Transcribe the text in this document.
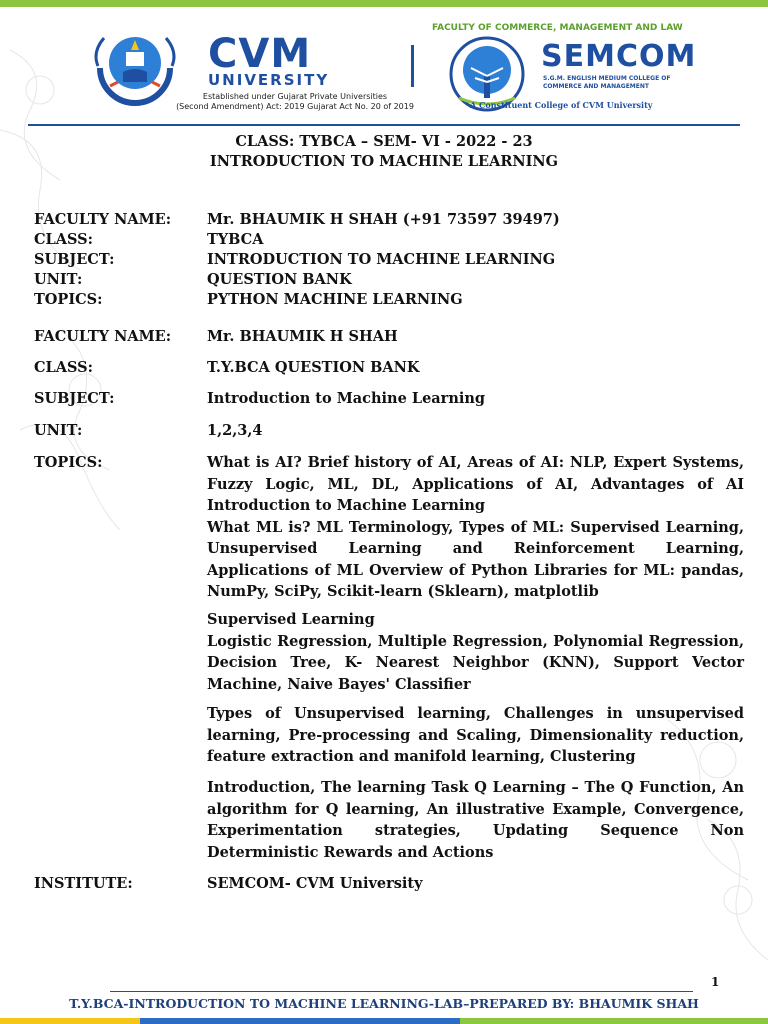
CVM
UNIVERSITY
Established under Gujarat Private Universities
(Second Amendment) Act: 2019 Gujarat Act No. 20 of 2019
FACULTY OF COMMERCE, MANAGEMENT AND LAW
SEMCOM
S.G.M. ENGLISH MEDIUM COLLEGE OF
COMMERCE AND MANAGEMENT
A Constituent College of CVM University
CLASS: TYBCA – SEM- VI - 2022 - 23
INTRODUCTION TO MACHINE LEARNING
FACULTY NAME:	Mr. BHAUMIK H SHAH (+91 73597 39497)
CLASS:	TYBCA
SUBJECT:	INTRODUCTION TO MACHINE LEARNING
UNIT:	QUESTION BANK
TOPICS:	PYTHON MACHINE LEARNING
FACULTY NAME:	Mr. BHAUMIK H SHAH
CLASS:	T.Y.BCA QUESTION BANK
SUBJECT:	Introduction to Machine Learning
UNIT:	1,2,3,4
TOPICS:	What is AI? Brief history of AI, Areas of AI: NLP, Expert Systems, Fuzzy Logic, ML, DL, Applications of AI, Advantages of AI Introduction to Machine Learning

What ML is? ML Terminology, Types of ML: Supervised Learning, Unsupervised Learning and Reinforcement Learning, Applications of ML Overview of Python Libraries for ML: pandas, NumPy, SciPy, Scikit-learn (Sklearn), matplotlib

Supervised Learning

Logistic Regression, Multiple Regression, Polynomial Regression, Decision Tree, K- Nearest Neighbor (KNN), Support Vector Machine, Naive Bayes' Classifier

Types of Unsupervised learning, Challenges in unsupervised learning, Pre-processing and Scaling, Dimensionality reduction, feature extraction and manifold learning, Clustering

Introduction, The learning Task Q Learning – The Q Function, An algorithm for Q learning, An illustrative Example, Convergence, Experimentation strategies, Updating Sequence Non Deterministic Rewards and Actions

INSTITUTE:	SEMCOM- CVM University
1
T.Y.BCA-INTRODUCTION TO MACHINE LEARNING-LAB–PREPARED BY: BHAUMIK SHAH
